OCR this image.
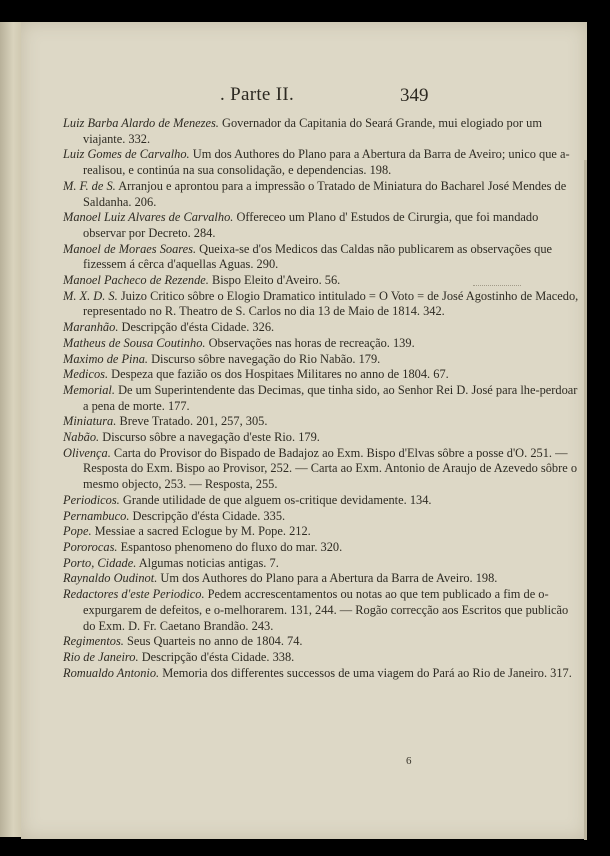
. Parte II.	349

Luiz Barba Alardo de Menezes. Governador da Capitania do Seará Grande, mui elogiado por um viajante. 332.

Luiz Gomes de Carvalho. Um dos Authores do Plano para a Abertura da Barra de Aveiro; unico que a-realisou, e continúa na sua consolidação, e dependencias. 198.

M. F. de S. Arranjou e aprontou para a impressão o Tratado de Miniatura do Bacharel José Mendes de Saldanha. 206.

Manoel Luiz Alvares de Carvalho. Offereceo um Plano d' Estudos de Cirurgia, que foi mandado observar por Decreto. 284.

Manoel de Moraes Soares. Queixa-se d'os Medicos das Caldas não publicarem as observações que fizessem á cêrca d'aquellas Aguas. 290.

Manoel Pacheco de Rezende. Bispo Eleito d'Aveiro. 56.

M. X. D. S. Juizo Critico sôbre o Elogio Dramatico intitulado = O Voto = de José Agostinho de Macedo, representado no R. Theatro de S. Carlos no dia 13 de Maio de 1814. 342.

Maranhão. Descripção d'ésta Cidade. 326.

Matheus de Sousa Coutinho. Observações nas horas de recreação. 139.

Maximo de Pina. Discurso sôbre navegação do Rio Nabão. 179.

Medicos. Despeza que fazião os dos Hospitaes Militares no anno de 1804. 67.

Memorial. De um Superintendente das Decimas, que tinha sido, ao Senhor Rei D. José para lhe-perdoar a pena de morte. 177.

Miniatura. Breve Tratado. 201, 257, 305.

Nabão. Discurso sôbre a navegação d'este Rio. 179.

Olivença. Carta do Provisor do Bispado de Badajoz ao Exm. Bispo d'Elvas sôbre a posse d'O. 251. — Resposta do Exm. Bispo ao Provisor, 252. — Carta ao Exm. Antonio de Araujo de Azevedo sôbre o mesmo objecto, 253. — Resposta, 255.

Periodicos. Grande utilidade de que alguem os-critique devidamente. 134.

Pernambuco. Descripção d'ésta Cidade. 335.

Pope. Messiae a sacred Eclogue by M. Pope. 212.

Pororocas. Espantoso phenomeno do fluxo do mar. 320.

Porto, Cidade. Algumas noticias antigas. 7.

Raynaldo Oudinot. Um dos Authores do Plano para a Abertura da Barra de Aveiro. 198.

Redactores d'este Periodico. Pedem accrescentamentos ou notas ao que tem publicado a fim de o-expurgarem de defeitos, e o-melhorarem. 131, 244. — Rogão correcção aos Escritos que publicão do Exm. D. Fr. Caetano Brandão. 243.

Regimentos. Seus Quarteis no anno de 1804. 74.

Rio de Janeiro. Descripção d'ésta Cidade. 338.

Romualdo Antonio. Memoria dos differentes successos de uma viagem do Pará ao Rio de Janeiro. 317.

6
